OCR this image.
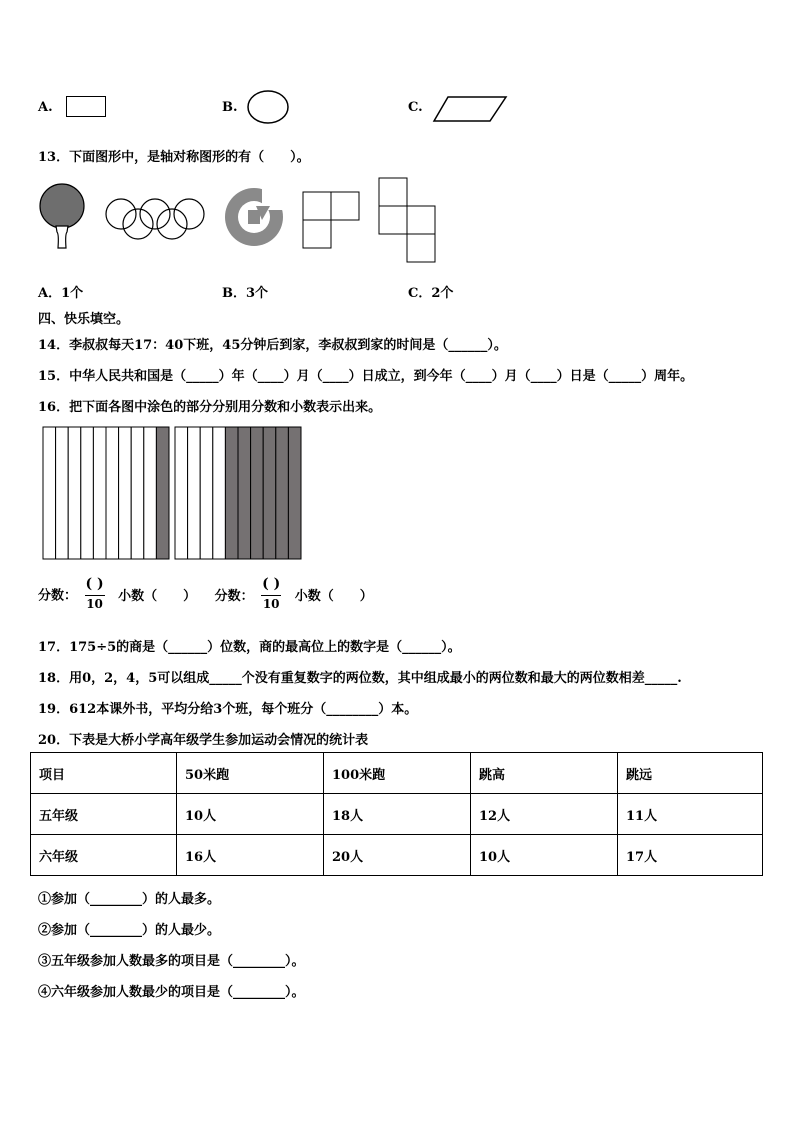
A.	B.	C.
13．下面图形中，是轴对称图形的有（　　）。
A．1个	B．3个	C．2个
四、快乐填空。
14．李叔叔每天17：40下班，45分钟后到家，李叔叔到家的时间是（______）。
15．中华人民共和国是（_____）年（____）月（____）日成立，到今年（____）月（____）日是（_____）周年。
16．把下面各图中涂色的部分分别用分数和小数表示出来。
分数： $\frac{( )}{10}$ 小数（　　） 分数： $\frac{( )}{10}$ 小数（　　）
17．175÷5的商是（______）位数，商的最高位上的数字是（______）。
18．用0，2，4，5可以组成_____个没有重复数字的两位数，其中组成最小的两位数和最大的两位数相差_____.
19．612本课外书，平均分给3个班，每个班分（________）本。
20．下表是大桥小学高年级学生参加运动会情况的统计表
项目	50米跑	100米跑	跳高	跳远
五年级	10人	18人	12人	11人
六年级	16人	20人	10人	17人
①参加（________）的人最多。
②参加（________）的人最少。
③五年级参加人数最多的项目是（________）。
④六年级参加人数最少的项目是（________）。
